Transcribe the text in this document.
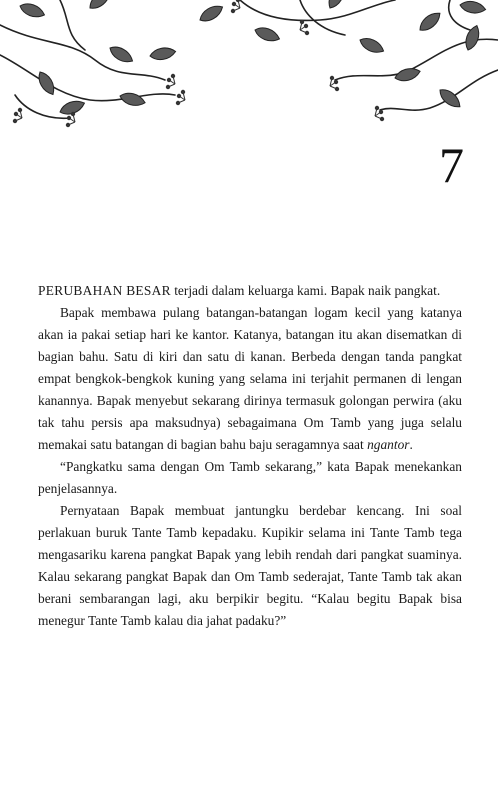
7

PERUBAHAN BESAR terjadi dalam keluarga kami. Bapak naik pangkat.

Bapak membawa pulang batangan-batangan logam kecil yang katanya akan ia pakai setiap hari ke kantor. Katanya, batangan itu akan disematkan di bagian bahu. Satu di kiri dan satu di kanan. Berbeda dengan tanda pangkat empat bengkok-bengkok kuning yang selama ini terjahit permanen di lengan kanannya. Bapak menyebut sekarang dirinya termasuk golongan perwira (aku tak tahu persis apa maksudnya) sebagaimana Om Tamb yang juga selalu memakai satu batangan di bagian bahu baju seragamnya saat ngantor.

“Pangkatku sama dengan Om Tamb sekarang,” kata Bapak menekankan penjelasannya.

Pernyataan Bapak membuat jantungku berdebar kencang. Ini soal perlakuan buruk Tante Tamb kepadaku. Kupikir selama ini Tante Tamb tega mengasariku karena pangkat Bapak yang lebih rendah dari pangkat suaminya. Kalau sekarang pangkat Bapak dan Om Tamb sederajat, Tante Tamb tak akan berani sembarangan lagi, aku berpikir begitu. “Kalau begitu Bapak bisa menegur Tante Tamb kalau dia jahat padaku?”
